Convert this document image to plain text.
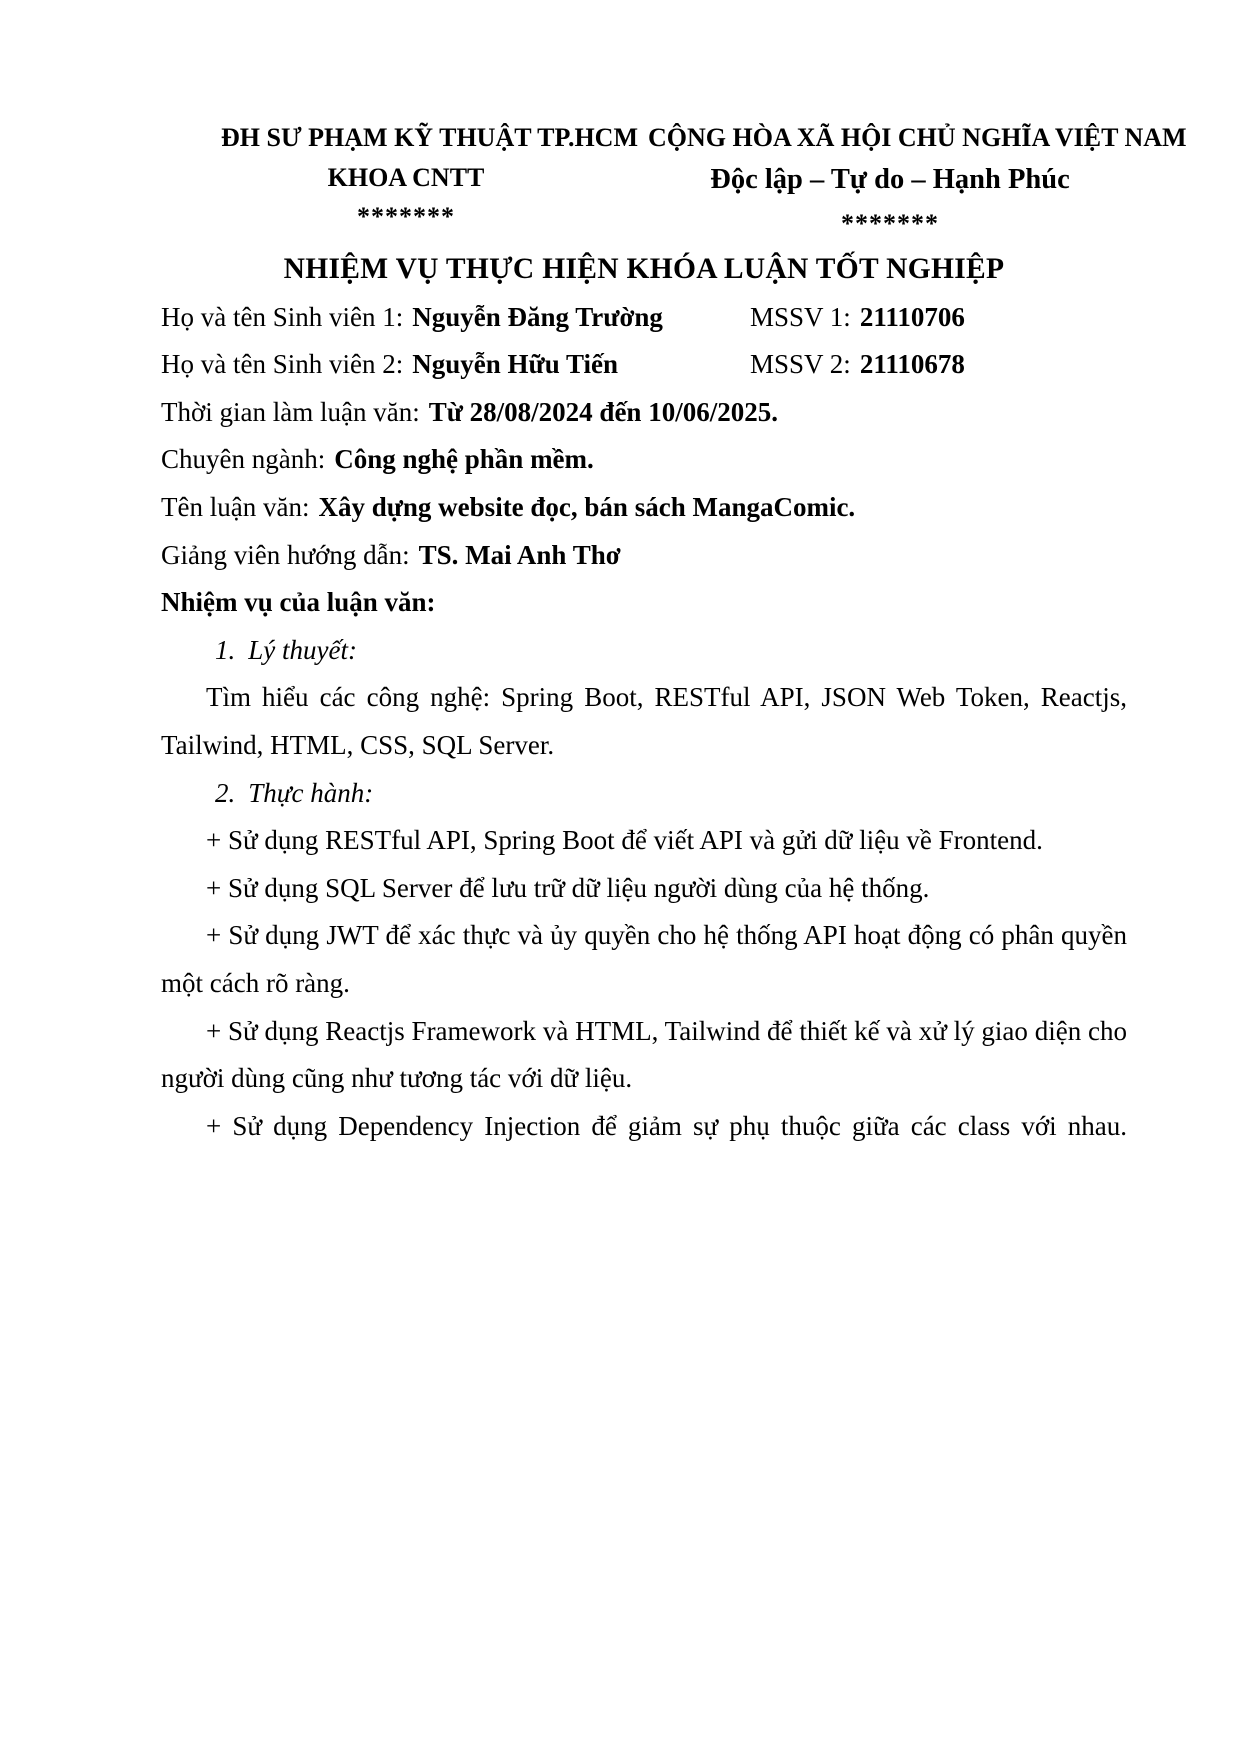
ĐH SƯ PHẠM KỸ THUẬT TP.HCM
KHOA CNTT
*******
CỘNG HÒA XÃ HỘI CHỦ NGHĨA VIỆT NAM
Độc lập – Tự do – Hạnh Phúc
*******
NHIỆM VỤ THỰC HIỆN KHÓA LUẬN TỐT NGHIỆP
Họ và tên Sinh viên 1: Nguyễn Đăng Trường	MSSV 1: 21110706
Họ và tên Sinh viên 2: Nguyễn Hữu Tiến	MSSV 2: 21110678
Thời gian làm luận văn: Từ 28/08/2024 đến 10/06/2025.
Chuyên ngành: Công nghệ phần mềm.
Tên luận văn: Xây dựng website đọc, bán sách MangaComic.
Giảng viên hướng dẫn: TS. Mai Anh Thơ
Nhiệm vụ của luận văn:
1. Lý thuyết:

Tìm hiểu các công nghệ: Spring Boot, RESTful API, JSON Web Token, Reactjs, Tailwind, HTML, CSS, SQL Server.

2. Thực hành:

+ Sử dụng RESTful API, Spring Boot để viết API và gửi dữ liệu về Frontend.

+ Sử dụng SQL Server để lưu trữ dữ liệu người dùng của hệ thống.

+ Sử dụng JWT để xác thực và ủy quyền cho hệ thống API hoạt động có phân quyền một cách rõ ràng.

+ Sử dụng Reactjs Framework và HTML, Tailwind để thiết kế và xử lý giao diện cho người dùng cũng như tương tác với dữ liệu.

+ Sử dụng Dependency Injection để giảm sự phụ thuộc giữa các class với nhau.
